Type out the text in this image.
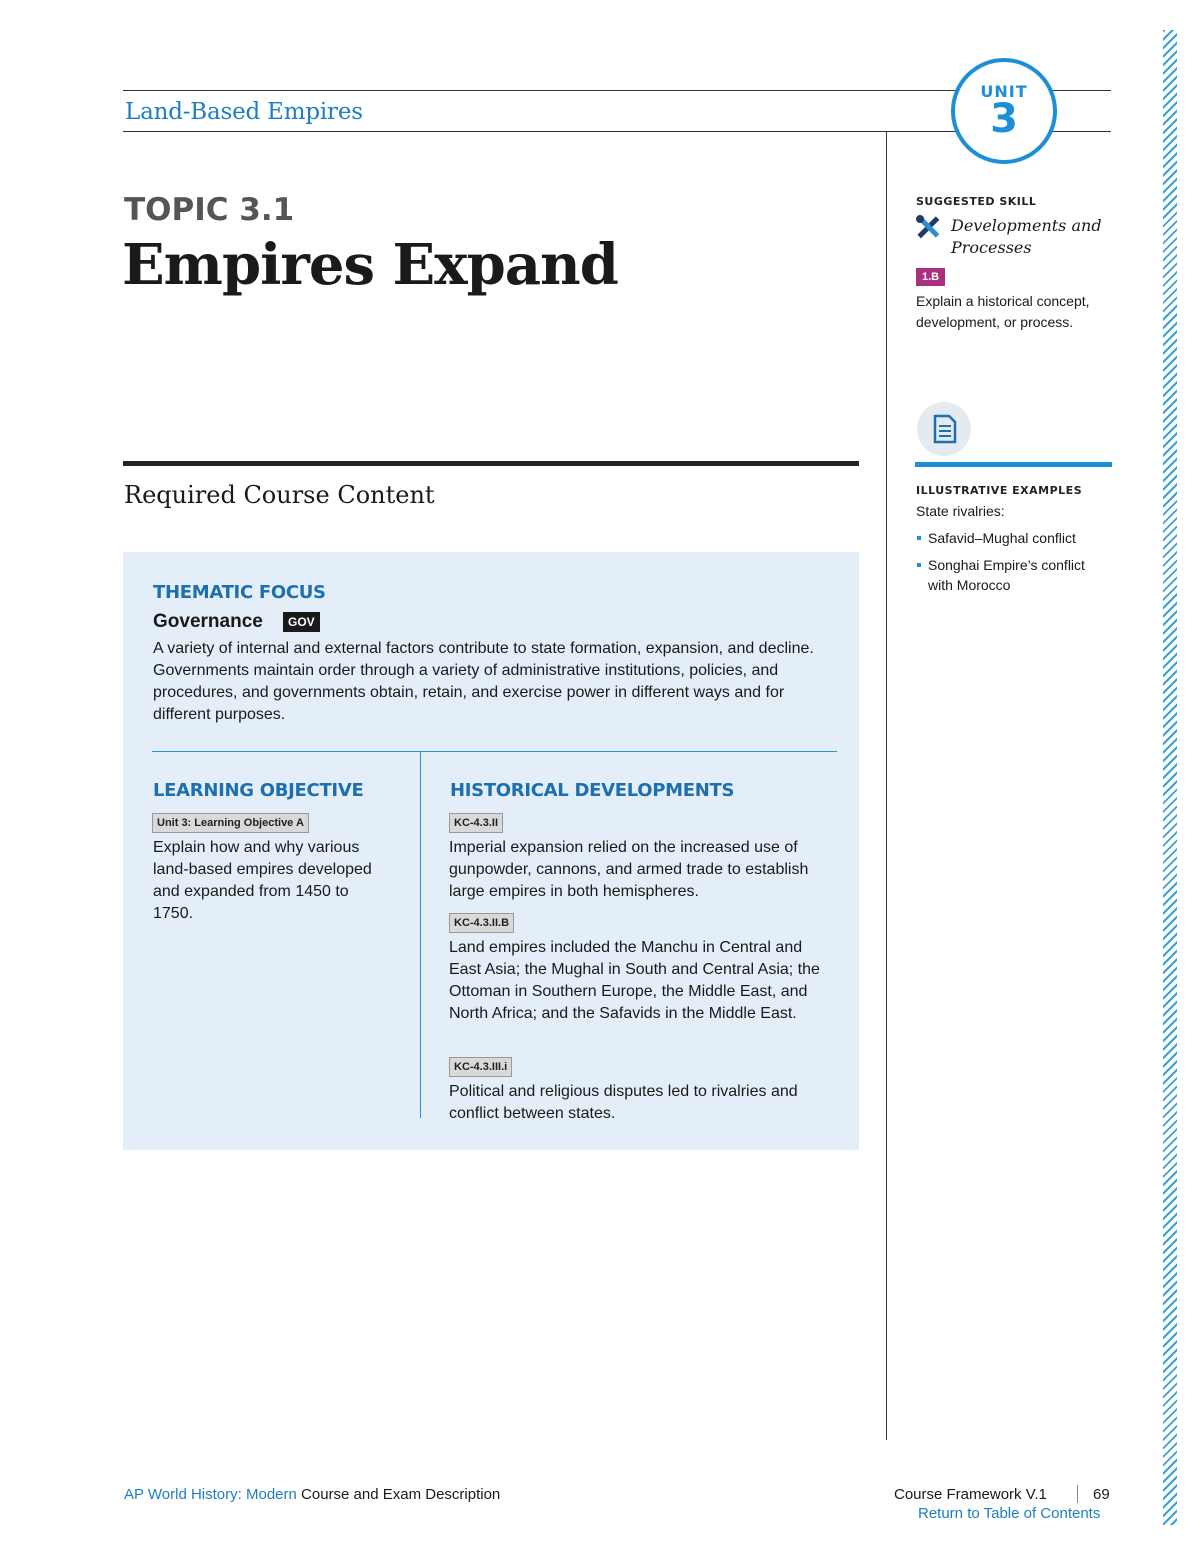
Land-Based Empires
UNIT
3
TOPIC 3.1
Empires Expand
Required Course Content
THEMATIC FOCUS
Governance	GOV
A variety of internal and external factors contribute to state formation, expansion, and decline. Governments maintain order through a variety of administrative institutions, policies, and procedures, and governments obtain, retain, and exercise power in different ways and for different purposes.
LEARNING OBJECTIVE
Unit 3: Learning Objective A
Explain how and why various land-based empires developed and expanded from 1450 to 1750.
HISTORICAL DEVELOPMENTS
KC-4.3.II
Imperial expansion relied on the increased use of gunpowder, cannons, and armed trade to establish large empires in both hemispheres.
KC-4.3.II.B
Land empires included the Manchu in Central and East Asia; the Mughal in South and Central Asia; the Ottoman in Southern Europe, the Middle East, and North Africa; and the Safavids in the Middle East.
KC-4.3.III.i
Political and religious disputes led to rivalries and conflict between states.
SUGGESTED SKILL
Developments and Processes
1.B
Explain a historical concept, development, or process.
ILLUSTRATIVE EXAMPLES
State rivalries:
Safavid–Mughal conflict
Songhai Empire’s conflict with Morocco
AP World History: Modern Course and Exam Description	Course Framework V.1	69
Return to Table of Contents
